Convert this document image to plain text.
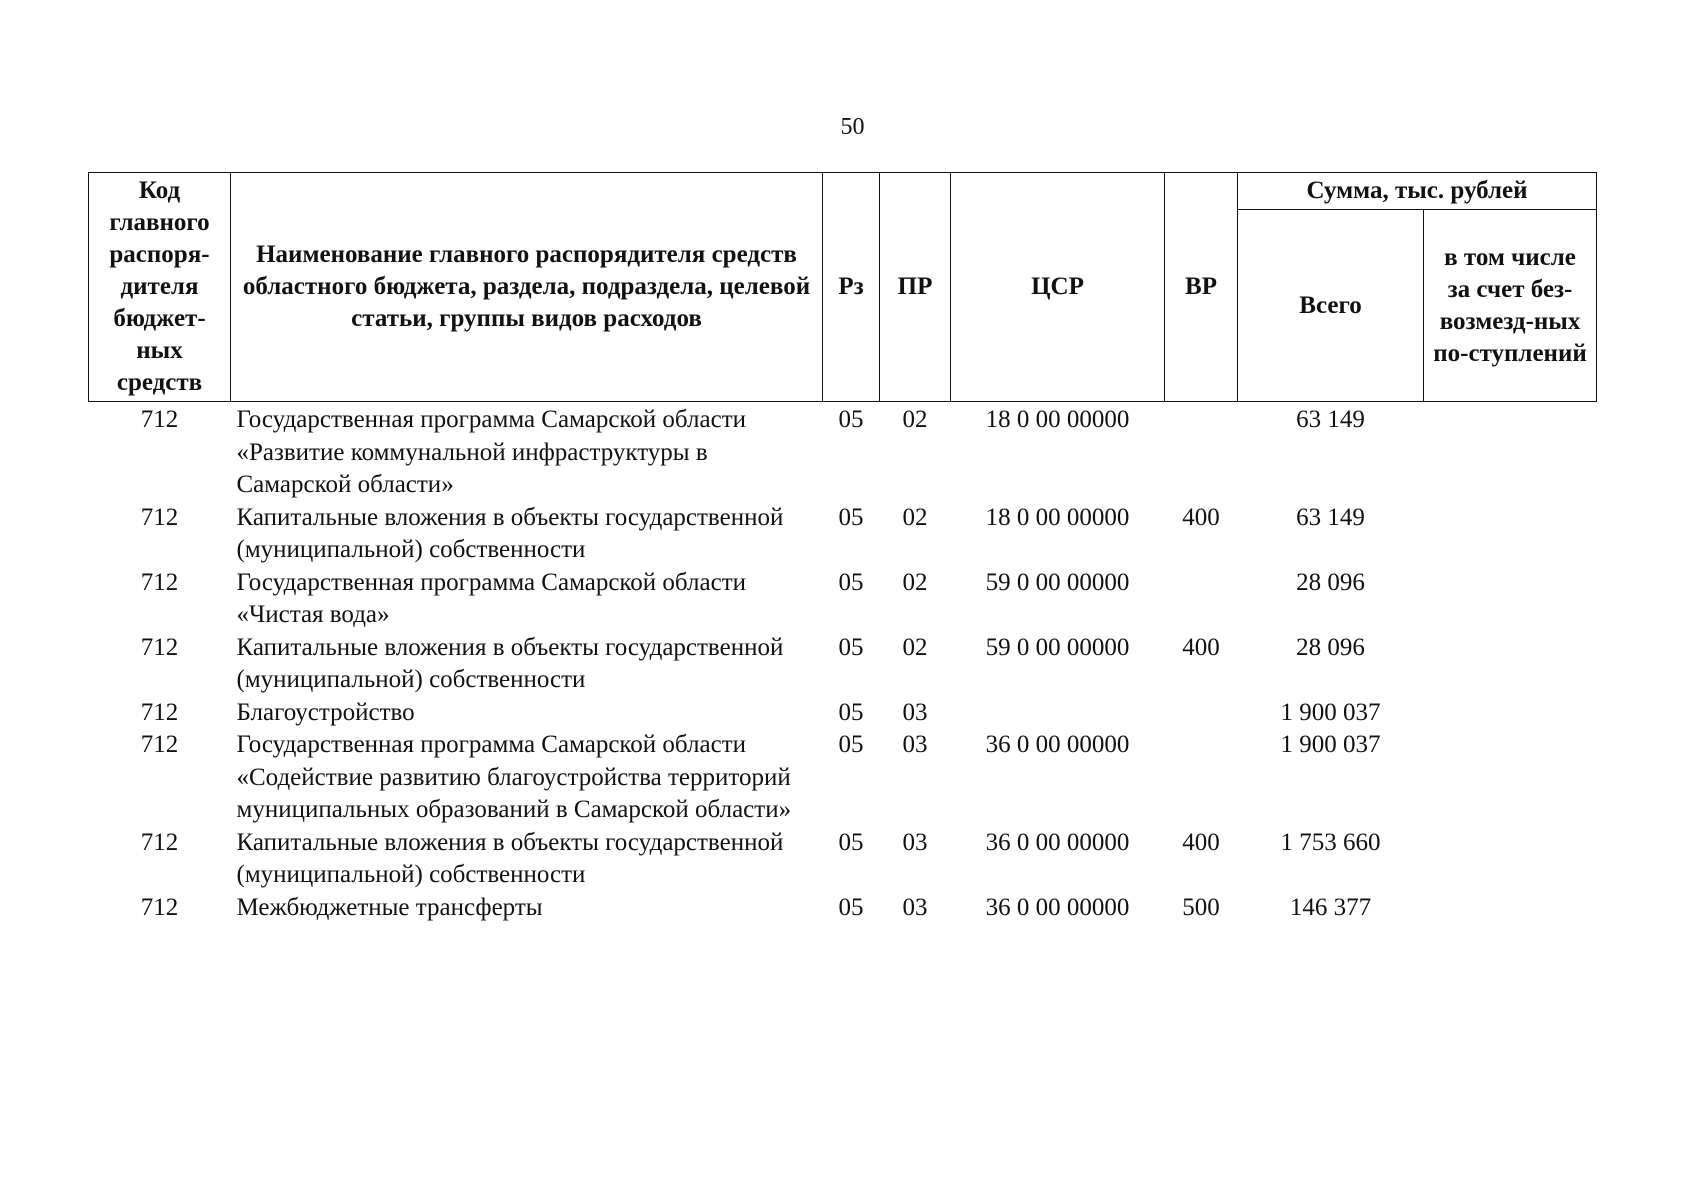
50
Код главного распоря-дителя бюджет-ных средств	Наименование главного распорядителя средств областного бюджета, раздела, подраздела, целевой статьи, группы видов расходов	Рз	ПР	ЦСР	ВР	Сумма, тыс. рублей	
						Всего	в том числе за счет без-возмезд-ных по-ступлений
712	Государственная программа Самарской области «Развитие коммунальной инфраструктуры в Самарской области»	05	02	18 0 00 00000		63 149	
712	Капитальные вложения в объекты государственной (муниципальной) собственности	05	02	18 0 00 00000	400	63 149	
712	Государственная программа Самарской области «Чистая вода»	05	02	59 0 00 00000		28 096	
712	Капитальные вложения в объекты государственной (муниципальной) собственности	05	02	59 0 00 00000	400	28 096	
712	Благоустройство	05	03			1 900 037	
712	Государственная программа Самарской области «Содействие развитию благоустройства территорий муниципальных образований в Самарской области»	05	03	36 0 00 00000		1 900 037	
712	Капитальные вложения в объекты государственной (муниципальной) собственности	05	03	36 0 00 00000	400	1 753 660	
712	Межбюджетные трансферты	05	03	36 0 00 00000	500	146 377	
